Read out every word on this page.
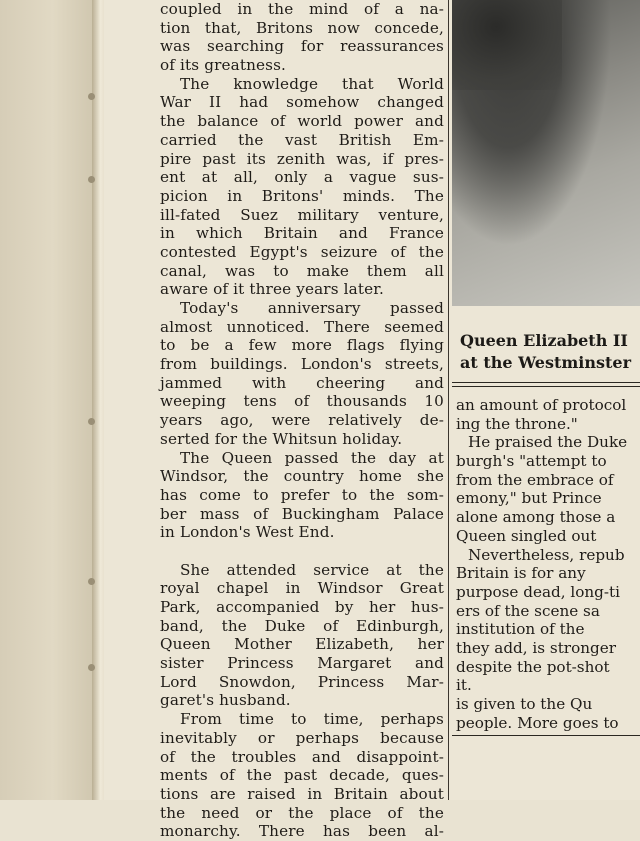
coupled in the mind of a na-
tion that, Britons now concede,
was searching for reassurances
of its greatness.
The knowledge that World
War II had somehow changed
the balance of world power and
carried the vast British Em-
pire past its zenith was, if pres-
ent at all, only a vague sus-
picion in Britons' minds. The
ill-fated Suez military venture,
in which Britain and France
contested Egypt's seizure of the
canal, was to make them all
aware of it three years later.
Today's anniversary passed
almost unnoticed. There seemed
to be a few more flags flying
from buildings. London's streets,
jammed with cheering and
weeping tens of thousands 10
years ago, were relatively de-
serted for the Whitsun holiday.
The Queen passed the day at
Windsor, the country home she
has come to prefer to the som-
ber mass of Buckingham Palace
in London's West End.
She attended service at the
royal chapel in Windsor Great
Park, accompanied by her hus-
band, the Duke of Edinburgh,
Queen Mother Elizabeth, her
sister Princess Margaret and
Lord Snowdon, Princess Mar-
garet's husband.
From time to time, perhaps
inevitably or perhaps because
of the troubles and disappoint-
ments of the past decade, ques-
tions are raised in Britain about
the need or the place of the
monarchy. There has been al-
Queen Elizabeth II
at the Westminster
an amount of protocol
ing the throne."
He praised the Duke
burgh's "attempt to
from the embrace of
emony," but Prince
alone among those a
Queen singled out
Nevertheless, repub
Britain is for any
purpose dead, long-ti
ers of the scene sa
institution of the
they add, is stronger
despite the pot-shot
it.
is given to the Qu
people. More goes to
